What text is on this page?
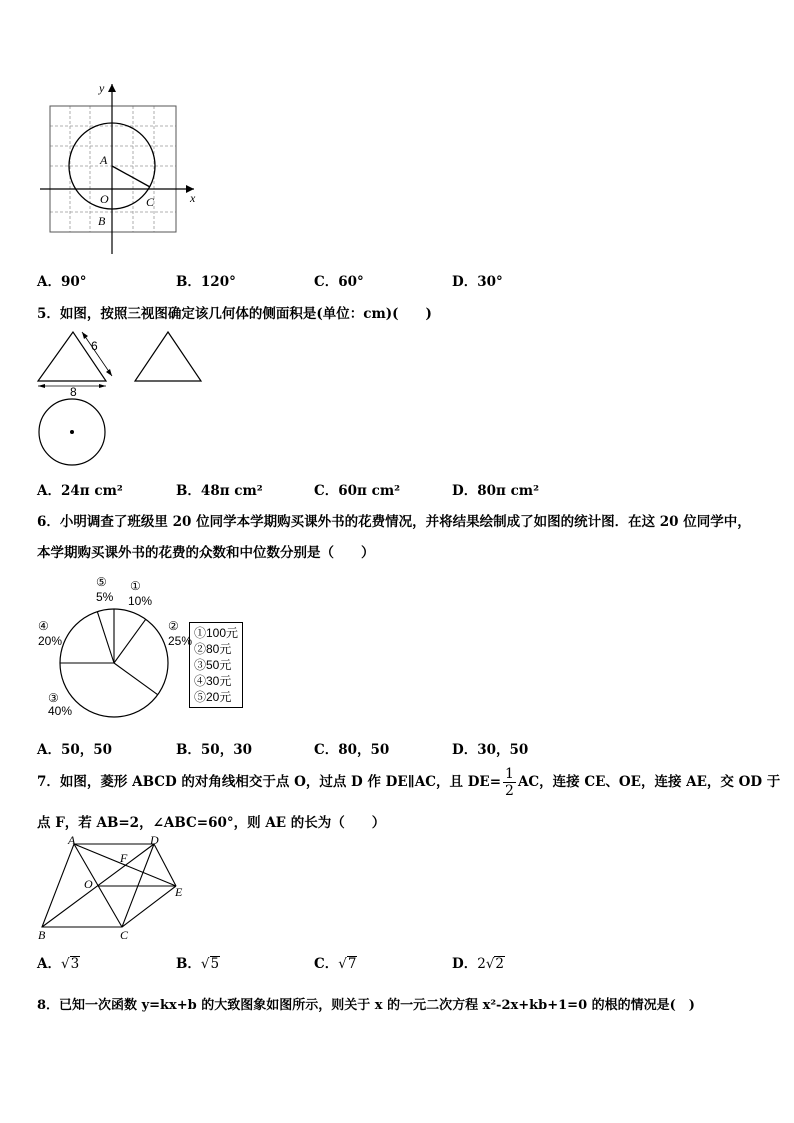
y
x
A
O	C
B
A．90°	B．120°	C．60°	D．30°
5．如图，按照三视图确定该几何体的侧面积是(单位：cm)(　　)
6
8
A．24π cm²	B．48π cm²	C．60π cm²	D．80π cm²
6．小明调查了班级里 20 位同学本学期购买课外书的花费情况，并将结果绘制成了如图的统计图．在这 20 位同学中，
本学期购买课外书的花费的众数和中位数分别是（　　）
①
10%
②
25%
③
40%
④
20%
⑤
5%
①100元
②80元
③50元
④30元
⑤20元
A．50，50	B．50，30	C．80，50	D．30，50
7．如图，菱形 ABCD 的对角线相交于点 O，过点 D 作 DE∥AC，且 $DE= \frac{1}{2}$ AC，连接 CE、OE，连接 AE，交 OD 于
点 F，若 AB=2，∠ABC=60°，则 AE 的长为（　　）
A	D
F
O
E
B	C
A．√3	B．√5	C．√7	D．2√2
8．已知一次函数 y=kx+b 的大致图象如图所示，则关于 x 的一元二次方程 x²-2x+kb+1=0 的根的情况是(　)
